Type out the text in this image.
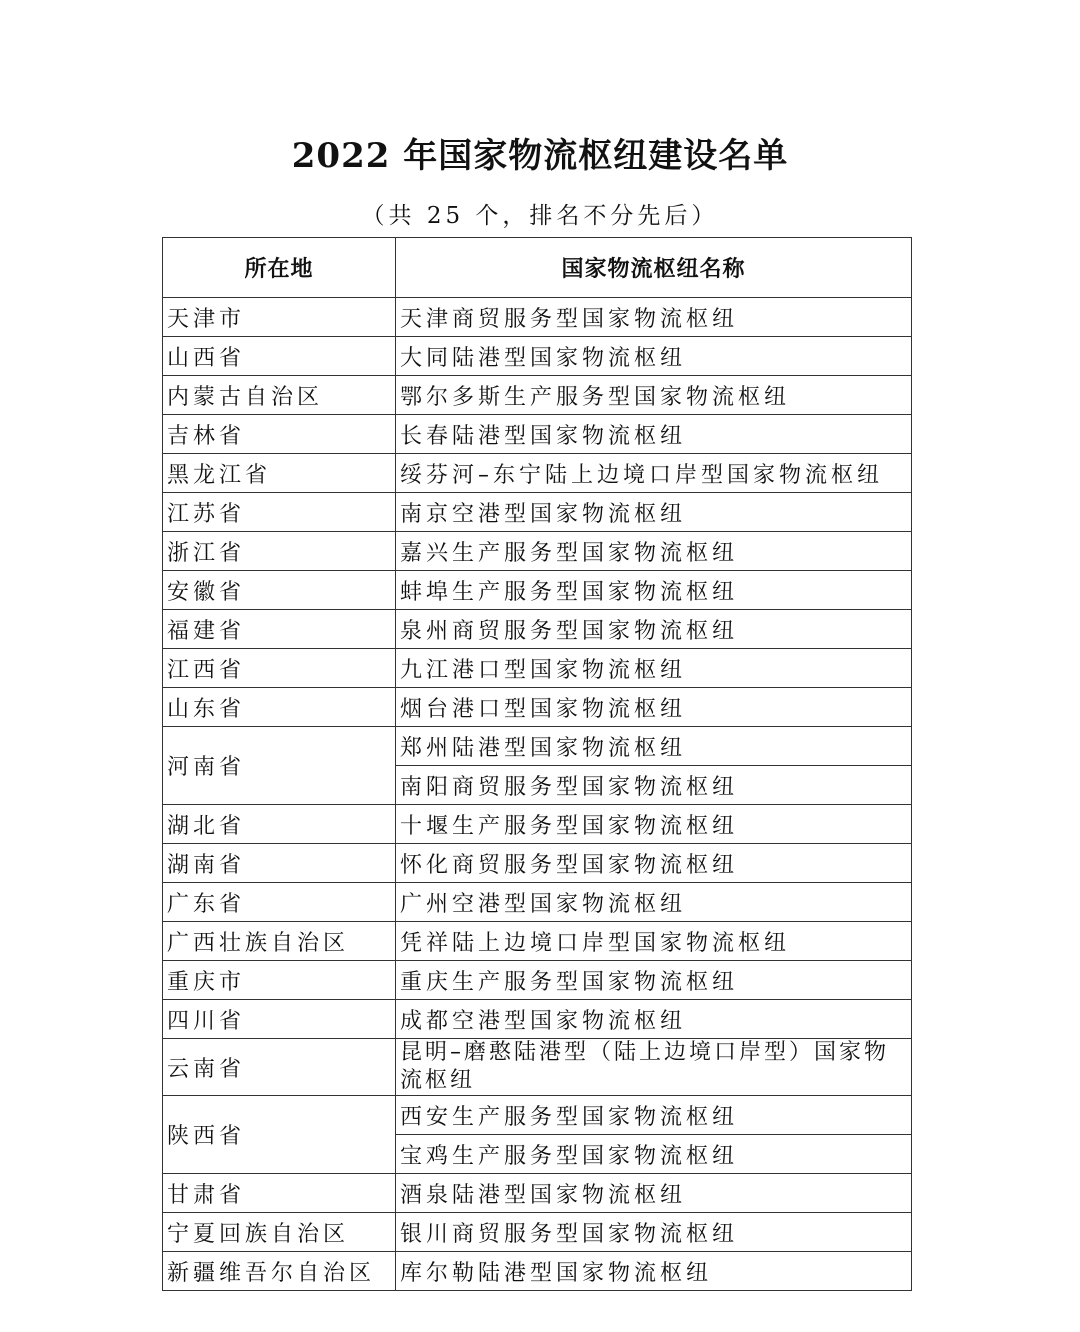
2022 年国家物流枢纽建设名单
（共 25 个，排名不分先后）
所在地	国家物流枢纽名称
天津市	天津商贸服务型国家物流枢纽
山西省	大同陆港型国家物流枢纽
内蒙古自治区	鄂尔多斯生产服务型国家物流枢纽
吉林省	长春陆港型国家物流枢纽
黑龙江省	绥芬河–东宁陆上边境口岸型国家物流枢纽
江苏省	南京空港型国家物流枢纽
浙江省	嘉兴生产服务型国家物流枢纽
安徽省	蚌埠生产服务型国家物流枢纽
福建省	泉州商贸服务型国家物流枢纽
江西省	九江港口型国家物流枢纽
山东省	烟台港口型国家物流枢纽
河南省	郑州陆港型国家物流枢纽
	南阳商贸服务型国家物流枢纽
湖北省	十堰生产服务型国家物流枢纽
湖南省	怀化商贸服务型国家物流枢纽
广东省	广州空港型国家物流枢纽
广西壮族自治区	凭祥陆上边境口岸型国家物流枢纽
重庆市	重庆生产服务型国家物流枢纽
四川省	成都空港型国家物流枢纽
云南省	昆明–磨憨陆港型（陆上边境口岸型）国家物流枢纽
陕西省	西安生产服务型国家物流枢纽
	宝鸡生产服务型国家物流枢纽
甘肃省	酒泉陆港型国家物流枢纽
宁夏回族自治区	银川商贸服务型国家物流枢纽
新疆维吾尔自治区	库尔勒陆港型国家物流枢纽
